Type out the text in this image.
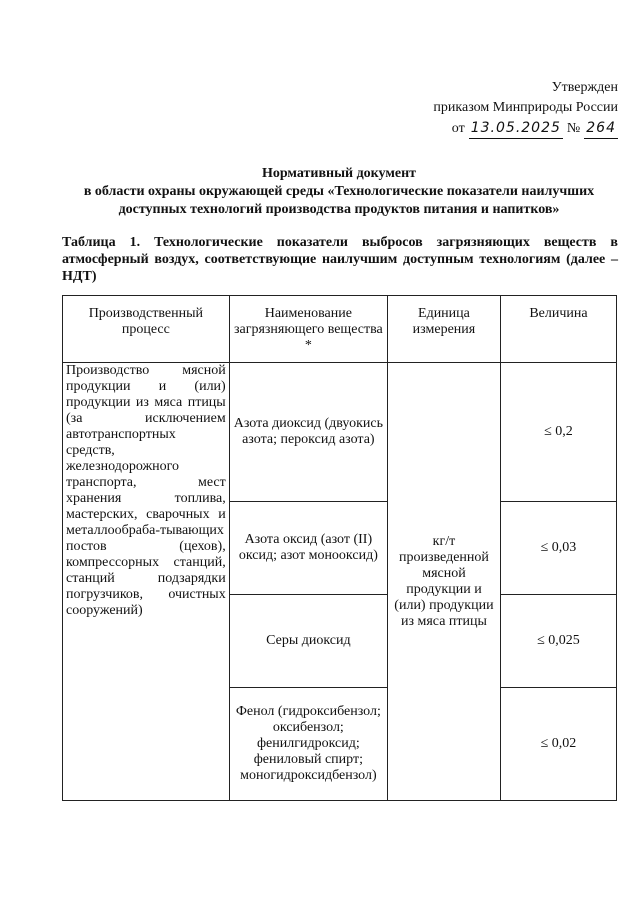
Утвержден
приказом Минприроды России
от 13.05.2025 № 264
Нормативный документ
в области охраны окружающей среды «Технологические показатели наилучших доступных технологий производства продуктов питания и напитков»
Таблица 1. Технологические показатели выбросов загрязняющих веществ в атмосферный воздух, соответствующие наилучшим доступным технологиям (далее – НДТ)
Производственный процесс	Наименование загрязняющего вещества *	Единица измерения	Величина
Производство мясной продукции и (или) продукции из мяса птицы (за исключением автотранспортных средств, железнодорожного транспорта, мест хранения топлива, мастерских, сварочных и металлообраба-тывающих постов (цехов), компрессорных станций, станций подзарядки погрузчиков, очистных сооружений)	Азота диоксид (двуокись азота; пероксид азота)	кг/т произведенной мясной продукции и (или) продукции из мяса птицы	≤ 0,2
	Азота оксид (азот (II) оксид; азот монооксид)		≤ 0,03
	Серы диоксид		≤ 0,025
	Фенол (гидроксибензол; оксибензол; фенилгидроксид; фениловый спирт; моногидроксидбензол)		≤ 0,02
